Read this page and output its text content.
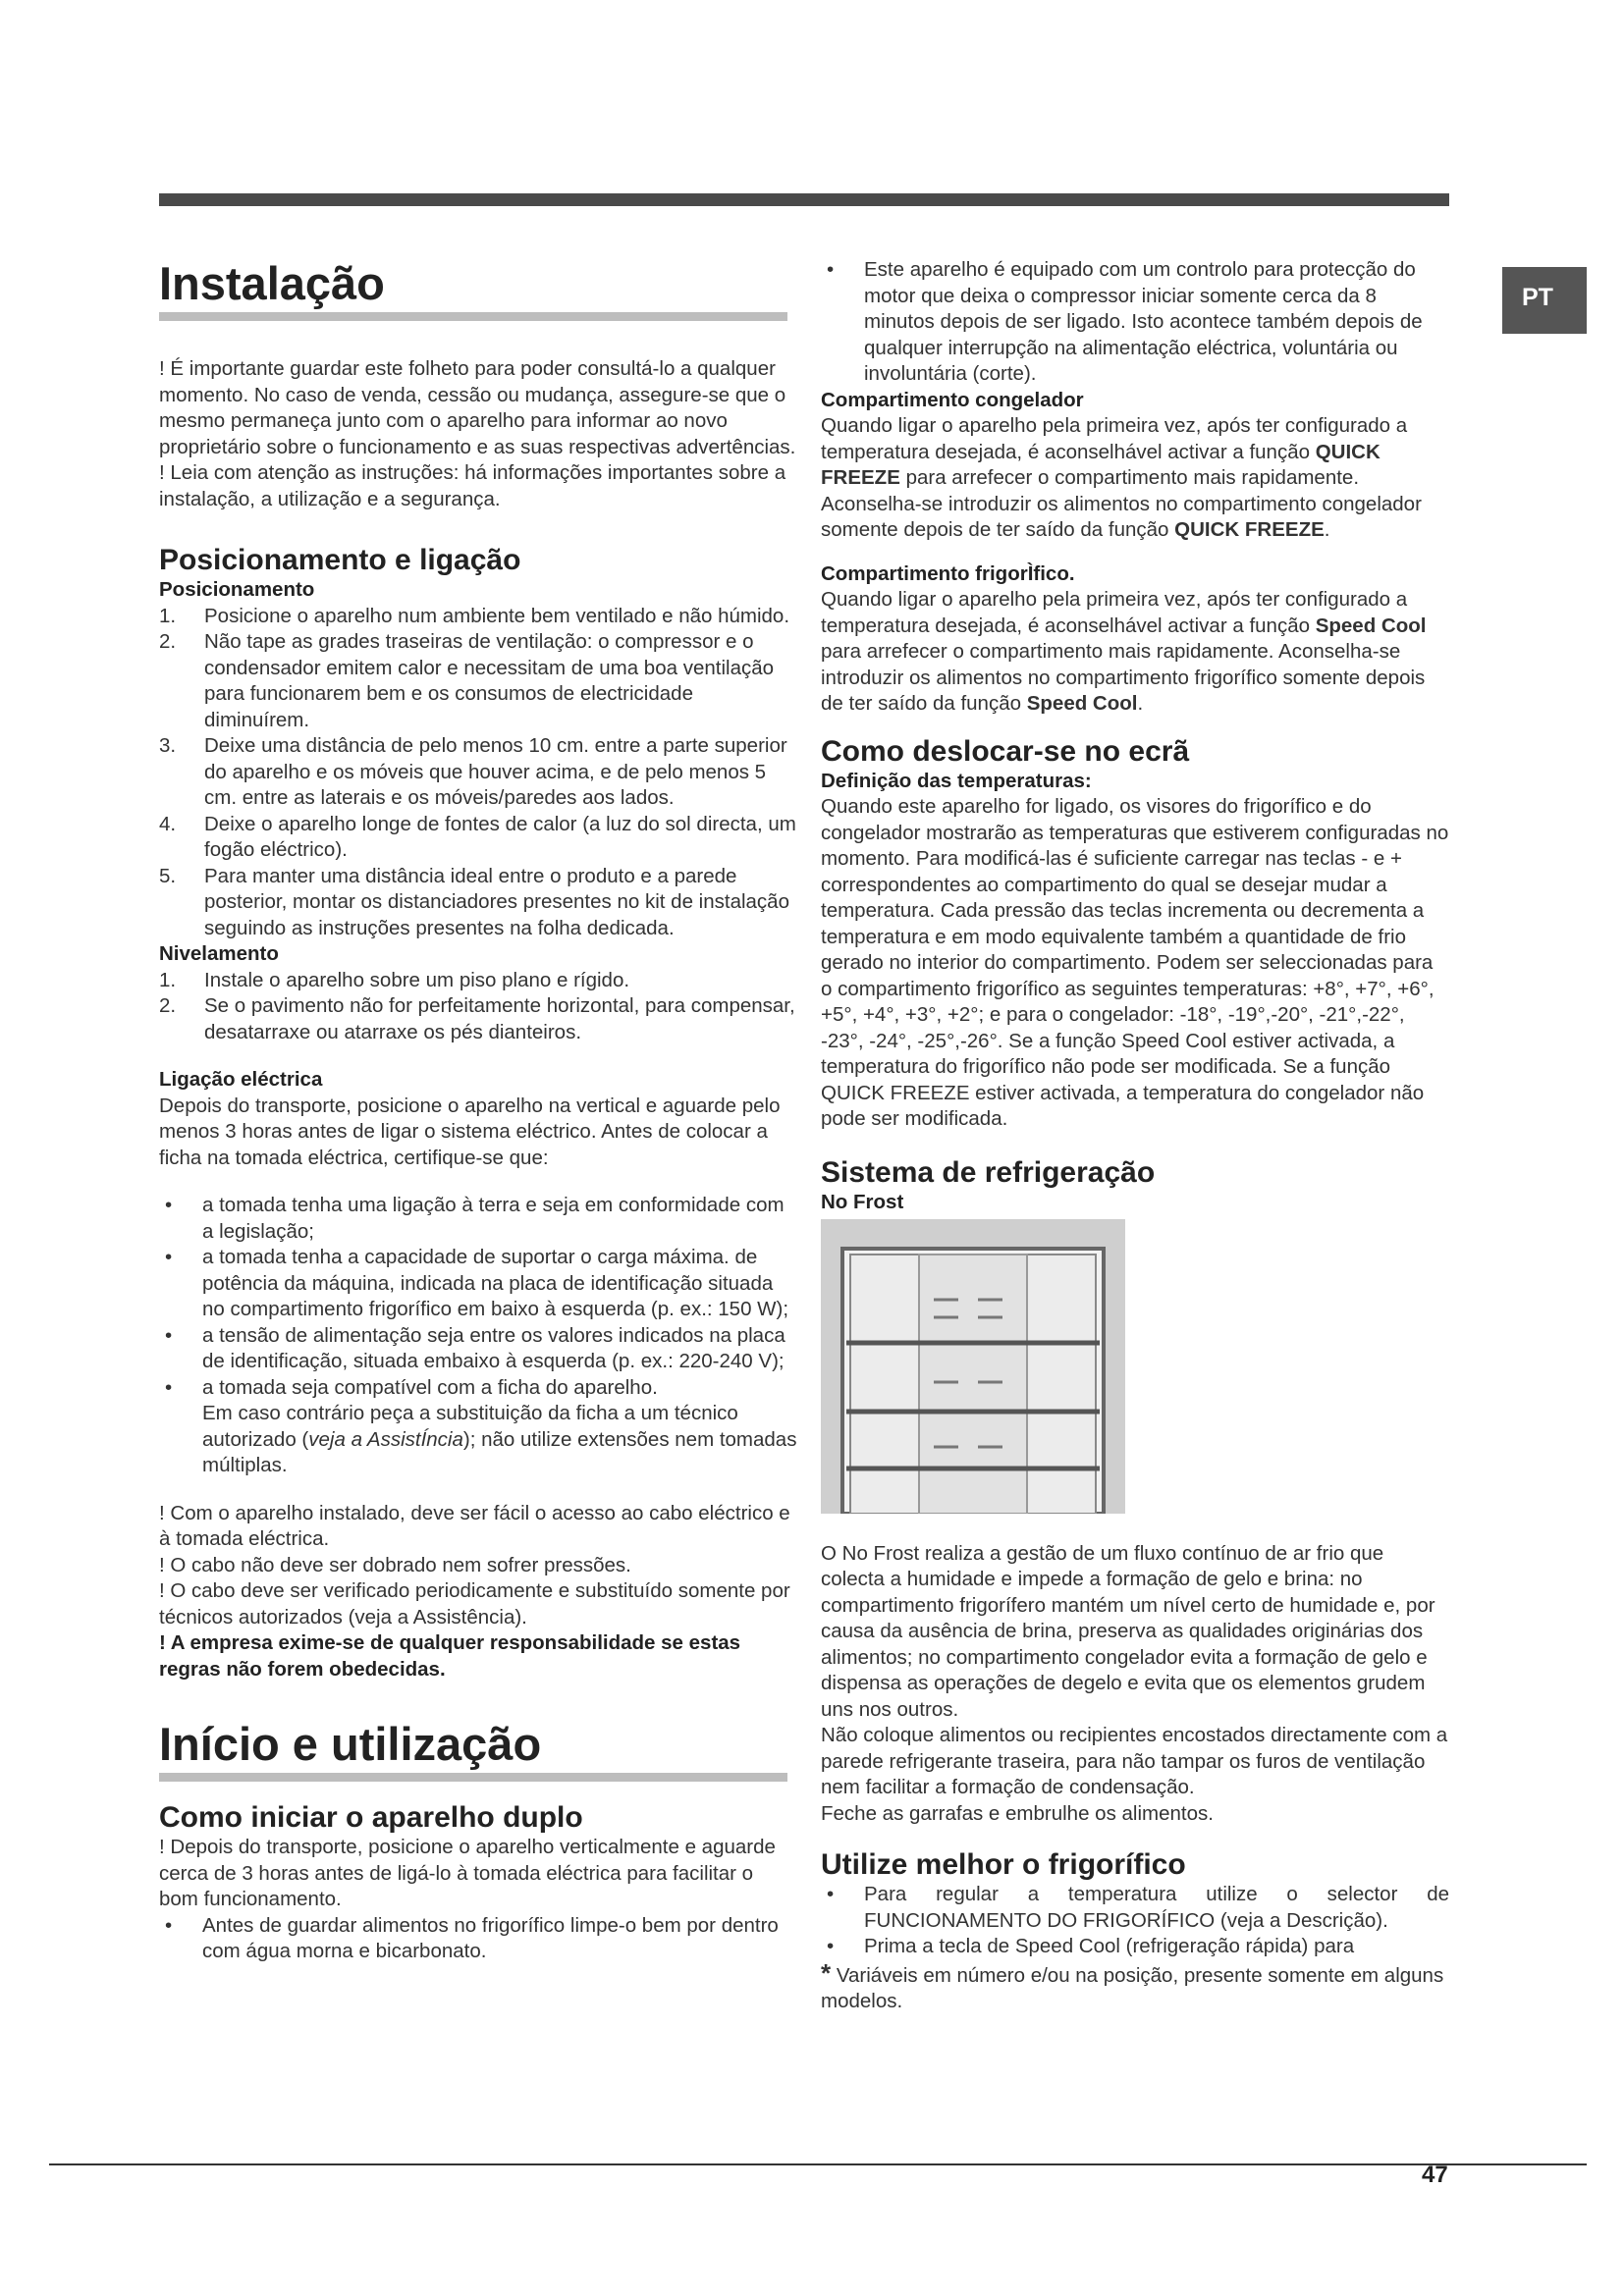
PT
Instalação

! É importante guardar este folheto para poder consultá-lo a qualquer momento. No caso de venda, cessão ou mudança, assegure-se que o mesmo permaneça junto com o aparelho para informar ao novo proprietário sobre o funcionamento e as suas respectivas advertências.

! Leia com atenção as instruções: há informações importantes sobre a instalação, a utilização e a segurança.

Posicionamento e ligação

Posicionamento

1.	Posicione o aparelho num ambiente bem ventilado e não húmido.
2.	Não tape as grades traseiras de ventilação: o compressor e o condensador emitem calor e necessitam de uma boa ventilação para funcionarem bem e os consumos de electricidade diminuírem.
3.	Deixe uma distância de pelo menos 10 cm. entre a parte superior do aparelho e os móveis que houver acima, e de pelo menos 5 cm. entre as laterais e os móveis/paredes aos lados.
4.	Deixe o aparelho longe de fontes de calor (a luz do sol directa, um fogão eléctrico).
5.	Para manter uma distância ideal entre o produto e a parede posterior, montar os distanciadores presentes no kit de instalação seguindo as instruções presentes na folha dedicada.

Nivelamento

1.	Instale o aparelho sobre um piso plano e rígido.
2.	Se o pavimento não for perfeitamente horizontal, para compensar, desatarraxe ou atarraxe os pés dianteiros.

Ligação eléctrica

Depois do transporte, posicione o aparelho na vertical e aguarde pelo menos 3 horas antes de ligar o sistema eléctrico. Antes de colocar a ficha na tomada eléctrica, certifique-se que:

•	a tomada tenha uma ligação à terra e seja em conformidade com a legislação;
•	a tomada tenha a capacidade de suportar o carga máxima. de potência da máquina, indicada na placa de identificação situada no compartimento frigorífico em baixo à esquerda (p. ex.: 150 W);
•	a tensão de alimentação seja entre os valores indicados na placa de identificação, situada embaixo à esquerda (p. ex.: 220-240 V);
•	a tomada seja compatível com a ficha do aparelho.
Em caso contrário peça a substituição da ficha a um técnico autorizado (veja a AssistÍncia); não utilize extensões nem tomadas múltiplas.

! Com o aparelho instalado, deve ser fácil o acesso ao cabo eléctrico e à tomada eléctrica.

! O cabo não deve ser dobrado nem sofrer pressões.

! O cabo deve ser verificado periodicamente e substituído somente por técnicos autorizados (veja a Assistência).

! A empresa exime-se de qualquer responsabilidade se estas regras não forem obedecidas.

Início e utilização
Como iniciar o aparelho duplo

! Depois do transporte, posicione o aparelho verticalmente e aguarde cerca de 3 horas antes de ligá-lo à tomada eléctrica para facilitar o bom funcionamento.

•	Antes de guardar alimentos no frigorífico limpe-o bem por dentro com água morna e bicarbonato.
•	Este aparelho é equipado com um controlo para protecção do motor que deixa o compressor iniciar somente cerca da 8 minutos depois de ser ligado. Isto acontece também depois de qualquer interrupção na alimentação eléctrica, voluntária ou involuntária (corte).

Compartimento congelador

Quando ligar o aparelho pela primeira vez, após ter configurado a temperatura desejada, é aconselhável activar a função QUICK FREEZE para arrefecer o compartimento mais rapidamente. Aconselha-se introduzir os alimentos no compartimento congelador somente depois de ter saído da função QUICK FREEZE.

Compartimento frigorÌfico.

Quando ligar o aparelho pela primeira vez, após ter configurado a temperatura desejada, é aconselhável activar a função Speed Cool para arrefecer o compartimento mais rapidamente. Aconselha-se introduzir os alimentos no compartimento frigorífico somente depois de ter saído da função Speed Cool.

Como deslocar-se no ecrã

Definição das temperaturas:

Quando este aparelho for ligado, os visores do frigorífico e do congelador mostrarão as temperaturas que estiverem configuradas no momento. Para modificá-las é suficiente carregar nas teclas - e + correspondentes ao compartimento do qual se desejar mudar a temperatura. Cada pressão das teclas incrementa ou decrementa a temperatura e em modo equivalente também a quantidade de frio gerado no interior do compartimento. Podem ser seleccionadas para o compartimento frigorífico as seguintes temperaturas: +8°, +7°, +6°, +5°, +4°, +3°, +2°; e para o congelador: -18°, -19°,-20°, -21°,-22°, -23°, -24°, -25°,-26°. Se a função Speed Cool estiver activada, a temperatura do frigorífico não pode ser modificada. Se a função QUICK FREEZE estiver activada, a temperatura do congelador não pode ser modificada.

Sistema de refrigeração

No Frost

O No Frost realiza a gestão de um fluxo contínuo de ar frio que colecta a humidade e impede a formação de gelo e brina: no compartimento frigorífero mantém um nível certo de humidade e, por causa da ausência de brina, preserva as qualidades originárias dos alimentos; no compartimento congelador evita a formação de gelo e dispensa as operações de degelo e evita que os elementos grudem uns nos outros.

Não coloque alimentos ou recipientes encostados directamente com a parede refrigerante traseira, para não tampar os furos de ventilação nem facilitar a formação de condensação.

Feche as garrafas e embrulhe os alimentos.

Utilize melhor o frigorífico
•	Para regular a temperatura utilize o selector de FUNCIONAMENTO DO FRIGORÍFICO (veja a Descrição).
•	Prima a tecla de Speed Cool (refrigeração rápida) para

* Variáveis em número e/ou na posição, presente somente em alguns modelos.

47
